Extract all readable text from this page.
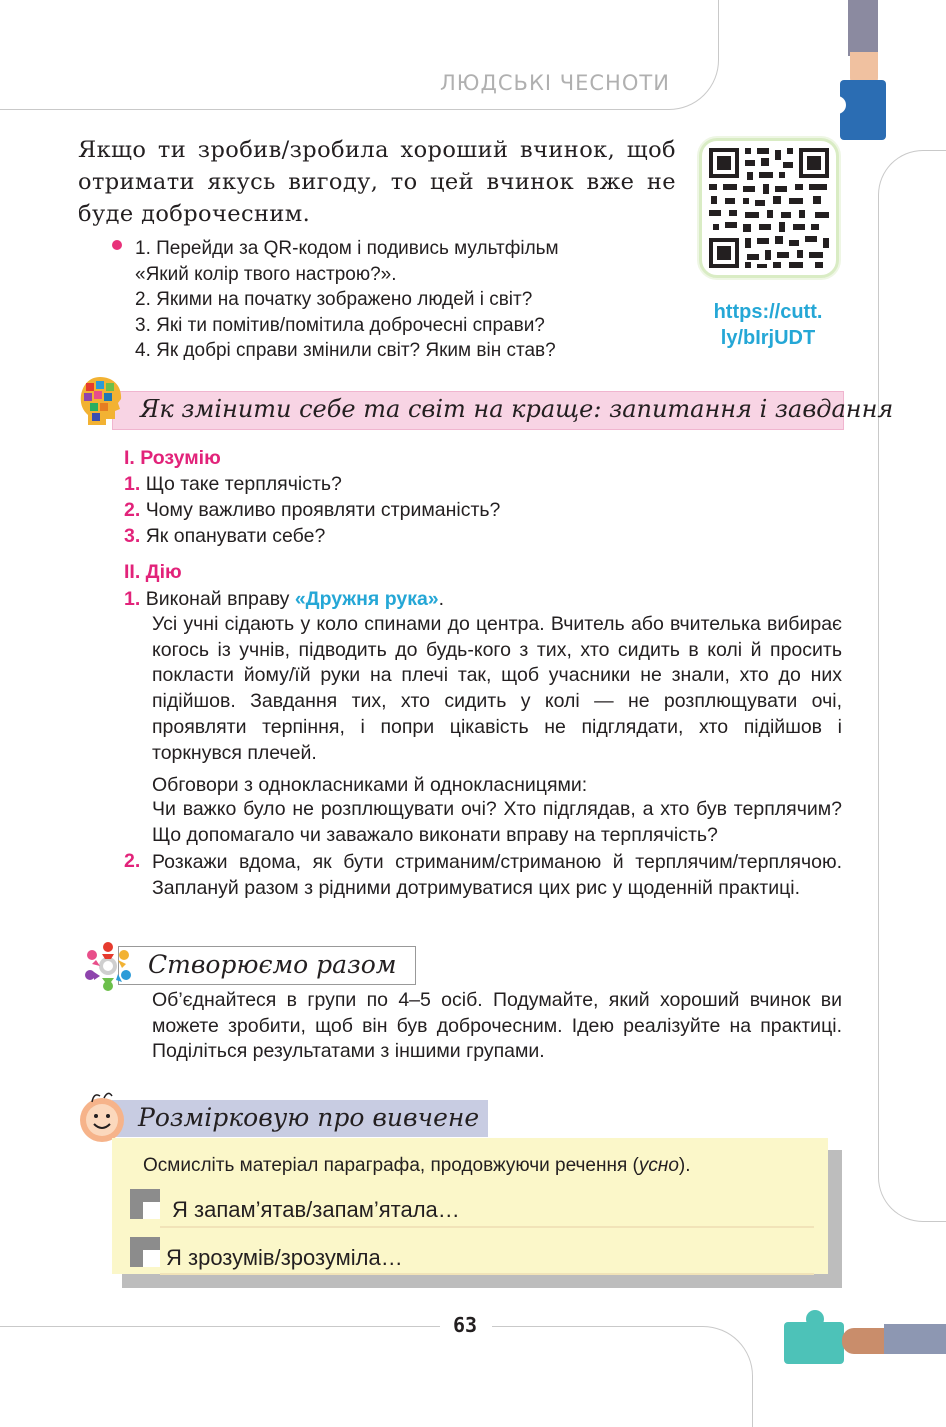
ЛЮДСЬКІ ЧЕСНОТИ
63
Якщо ти зробив/зробила хороший вчинок, щоб отримати якусь вигоду, то цей вчинок вже не буде доброчесним.
1. Перейди за QR-кодом і подивись мультфільм
«Який колір твого настрою?».
2. Якими на початку зображено людей і світ?
3. Які ти помітив/помітила доброчесні справи?
4. Як добрі справи змінили світ? Яким він став?
https://cutt.
ly/bIrjUDT
Як змінити себе та світ на краще: запитання і завдання
І. Розумію
1. Що таке терплячість?
2. Чому важливо проявляти стриманість?
3. Як опанувати себе?
ІІ. Дію
1. Виконай вправу «Дружня рука».
Усі учні сідають у коло спинами до центра. Вчитель або вчителька вибирає когось із учнів, підводить до будь-кого з тих, хто сидить в колі й просить покласти йому/їй руки на плечі так, щоб учасники не знали, хто до них підійшов. Завдання тих, хто сидить у колі — не розплющувати очі, проявляти терпіння, і попри цікавість не підглядати, хто підійшов і торкнувся плечей.
Обговори з однокласниками й однокласницями:
Чи важко було не розплющувати очі? Хто підглядав, а хто був терплячим? Що допомагало чи заважало виконати вправу на терплячість?
2. Розкажи вдома, як бути стриманим/стриманою й терплячим/терплячою. Заплануй разом з рідними дотримуватися цих рис у щоденній практиці.
Створюємо разом
Об’єднайтеся в групи по 4–5 осіб. Подумайте, який хороший вчинок ви можете зробити, щоб він був доброчесним. Ідею реалізуйте на практиці. Поділіться результатами з іншими групами.
Розмірковую про вивчене
Осмисліть матеріал параграфа, продовжуючи речення (усно).
Я запам’ятав/запам’ятала…
Я зрозумів/зрозуміла…
